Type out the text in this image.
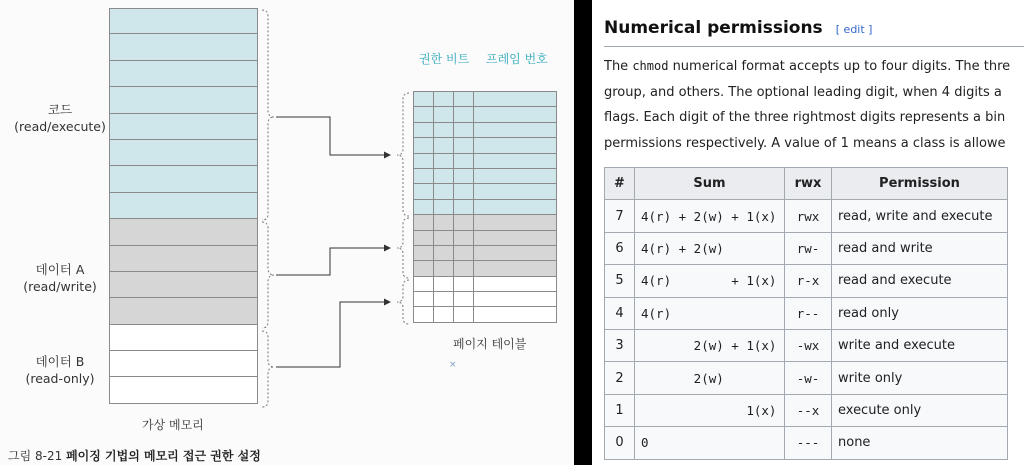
코드
(read/execute)
데이터 A
(read/write)
데이터 B
(read-only)
가상 메모리
권한 비트 프레임 번호

페이지 테이블
×
그림 8-21 페이징 기법의 메모리 접근 권한 설정
Numerical permissions [ edit ]
The chmod numerical format accepts up to four digits. The thre
group, and others. The optional leading digit, when 4 digits a
flags. Each digit of the three rightmost digits represents a bin
permissions respectively. A value of 1 means a class is allowe
#	Sum	rwx	Permission
7	4(r) + 2(w) + 1(x)	rwx	read, write and execute
6	4(r) + 2(w)	rw-	read and write
5	4(r)        + 1(x)	r-x	read and execute
4	4(r)	r--	read only
3	2(w) + 1(x)	-wx	write and execute
2	2(w)	-w-	write only
1	1(x)	--x	execute only
0	0	---	none
